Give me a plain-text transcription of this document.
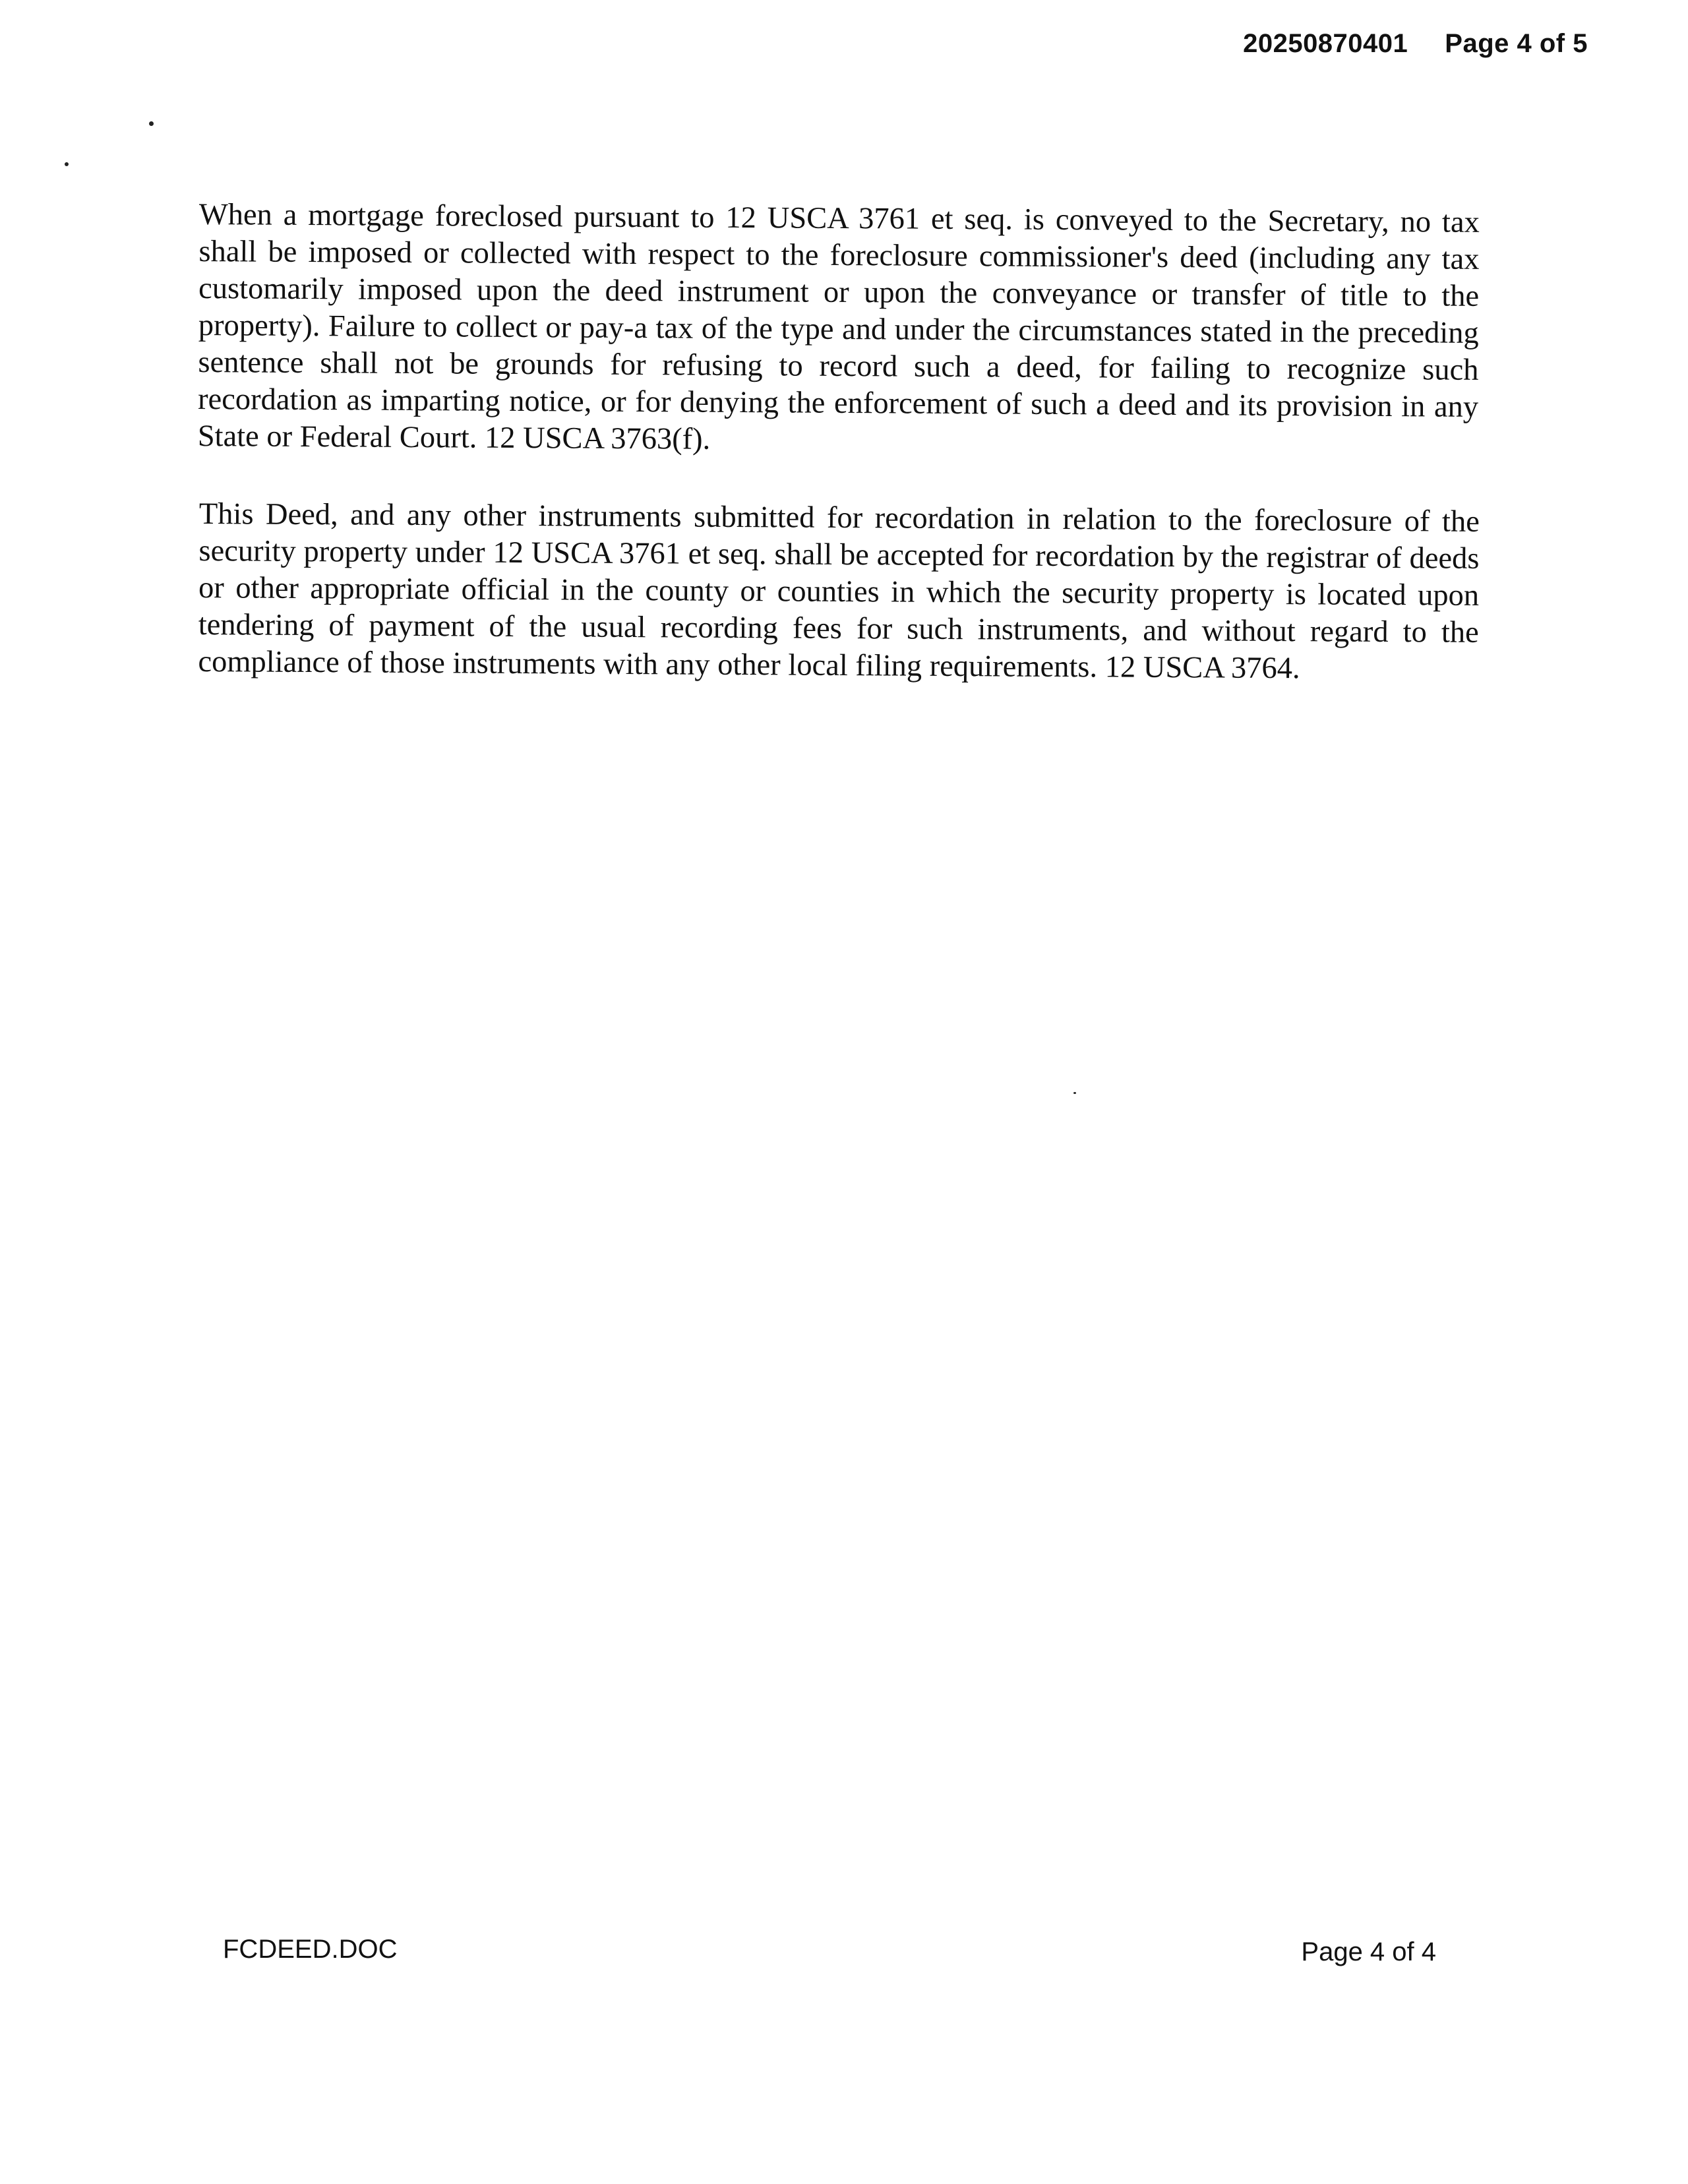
20250870401 Page 4 of 5

When a mortgage foreclosed pursuant to 12 USCA 3761 et seq. is conveyed to the Secretary, no tax shall be imposed or collected with respect to the foreclosure commissioner's deed (including any tax customarily imposed upon the deed instrument or upon the conveyance or transfer of title to the property). Failure to collect or pay-a tax of the type and under the circumstances stated in the preceding sentence shall not be grounds for refusing to record such a deed, for failing to recognize such recordation as imparting notice, or for denying the enforcement of such a deed and its provision in any State or Federal Court. 12 USCA 3763(f).

This Deed, and any other instruments submitted for recordation in relation to the foreclosure of the security property under 12 USCA 3761 et seq. shall be accepted for recordation by the registrar of deeds or other appropriate official in the county or counties in which the security property is located upon tendering of payment of the usual recording fees for such instruments, and without regard to the compliance of those instruments with any other local filing requirements. 12 USCA 3764.

FCDEED.DOC	Page 4 of 4
